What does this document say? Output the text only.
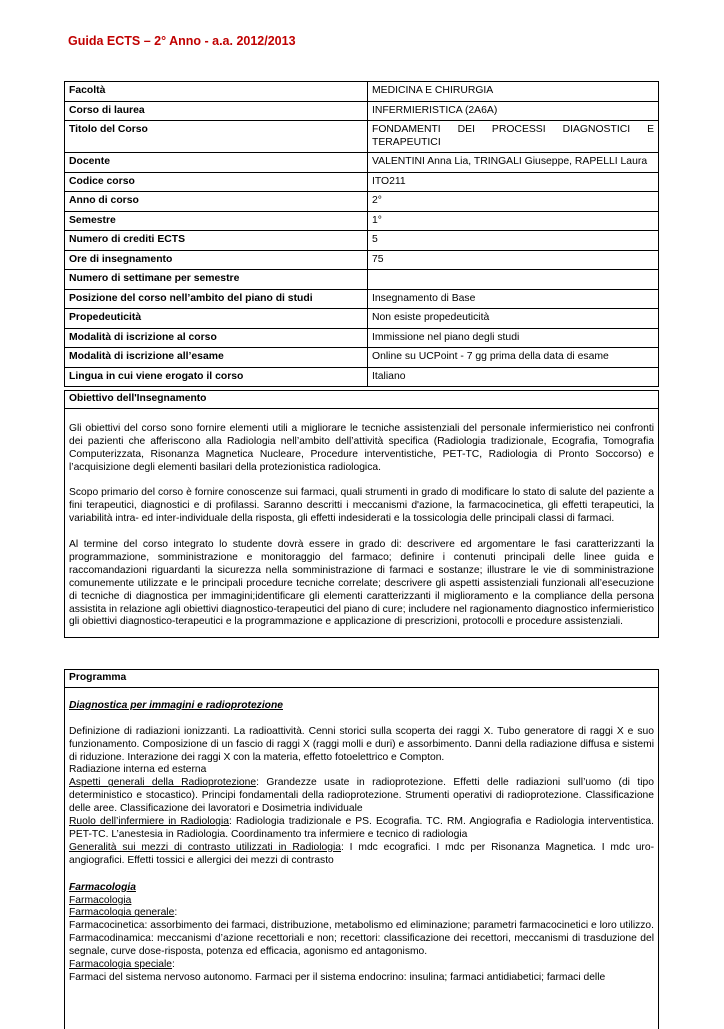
Guida ECTS – 2° Anno - a.a. 2012/2013
Facoltà	MEDICINA E CHIRURGIA
Corso di laurea	INFERMIERISTICA (2A6A)
Titolo del Corso	FONDAMENTI DEI PROCESSI DIAGNOSTICI E
TERAPEUTICI

Docente	VALENTINI Anna Lia, TRINGALI Giuseppe, RAPELLI Laura
Codice corso	ITO211
Anno di corso	2°
Semestre	1°
Numero di crediti ECTS	5
Ore di insegnamento	75
Numero di settimane per semestre	
Posizione del corso nell’ambito del piano di studi	Insegnamento di Base
Propedeuticità	Non esiste propedeuticità
Modalità di iscrizione al corso	Immissione nel piano degli studi
Modalità di iscrizione all’esame	Online su UCPoint - 7 gg prima della data di esame
Lingua in cui viene erogato il corso	Italiano
Obiettivo dell'Insegnamento

Gli obiettivi del corso sono fornire elementi utili a migliorare le tecniche assistenziali del personale infermieristico nei confronti dei pazienti che afferiscono alla Radiologia nell’ambito dell’attività specifica (Radiologia tradizionale, Ecografia, Tomografia Computerizzata, Risonanza Magnetica Nucleare, Procedure interventistiche, PET-TC, Radiologia di Pronto Soccorso) e l’acquisizione degli elementi basilari della protezionistica radiologica.

Scopo primario del corso è fornire conoscenze sui farmaci, quali strumenti in grado di modificare lo stato di salute del paziente a fini terapeutici, diagnostici e di profilassi. Saranno descritti i meccanismi d'azione, la farmacocinetica, gli effetti terapeutici, la variabilità intra- ed inter-individuale della risposta, gli effetti indesiderati e la tossicologia delle principali classi di farmaci.

Al termine del corso integrato lo studente dovrà essere in grado di: descrivere ed argomentare le fasi caratterizzanti la programmazione, somministrazione e monitoraggio del farmaco; definire i contenuti principali delle linee guida e raccomandazioni riguardanti la sicurezza nella somministrazione di farmaci e sostanze; illustrare le vie di somministrazione comunemente utilizzate e le principali procedure tecniche correlate; descrivere gli aspetti assistenziali funzionali all’esecuzione di tecniche di diagnostica per immagini;identificare gli elementi caratterizzanti il miglioramento e la compliance della persona assistita in relazione agli obiettivi diagnostico-terapeutici del piano di cure; includere nel ragionamento diagnostico infermieristico gli obiettivi diagnostico-terapeutici e la programmazione e applicazione di prescrizioni, protocolli e procedure assistenziali.

Programma

Diagnostica per immagini e radioprotezione

Definizione di radiazioni ionizzanti. La radioattività. Cenni storici sulla scoperta dei raggi X. Tubo generatore di raggi X e suo funzionamento. Composizione di un fascio di raggi X (raggi molli e duri) e assorbimento. Danni della radiazione diffusa e sistemi di riduzione. Interazione dei raggi X con la materia, effetto fotoelettrico e Compton.
Radiazione interna ed esterna
Aspetti generali della Radioprotezione: Grandezze usate in radioprotezione. Effetti delle radiazioni sull’uomo (di tipo deterministico e stocastico). Principi fondamentali della radioprotezione. Strumenti operativi di radioprotezione. Classificazione delle aree. Classificazione dei lavoratori e Dosimetria individuale
Ruolo dell’infermiere in Radiologia: Radiologia tradizionale e PS. Ecografia. TC. RM. Angiografia e Radiologia interventistica. PET-TC. L’anestesia in Radiologia. Coordinamento tra infermiere e tecnico di radiologia
Generalità sui mezzi di contrasto utilizzati in Radiologia: I mdc ecografici. I mdc per Risonanza Magnetica. I mdc uro-angiografici. Effetti tossici e allergici dei mezzi di contrasto
Farmacologia
Farmacologia
Farmacologia generale:
Farmacocinetica: assorbimento dei farmaci, distribuzione, metabolismo ed eliminazione; parametri farmacocinetici e loro utilizzo. Farmacodinamica: meccanismi d’azione recettoriali e non; recettori: classificazione dei recettori, meccanismi di trasduzione del segnale, curve dose-risposta, potenza ed efficacia, agonismo ed antagonismo.
Farmacologia speciale:
Farmaci del sistema nervoso autonomo. Farmaci per il sistema endocrino: insulina; farmaci antidiabetici; farmaci delle
